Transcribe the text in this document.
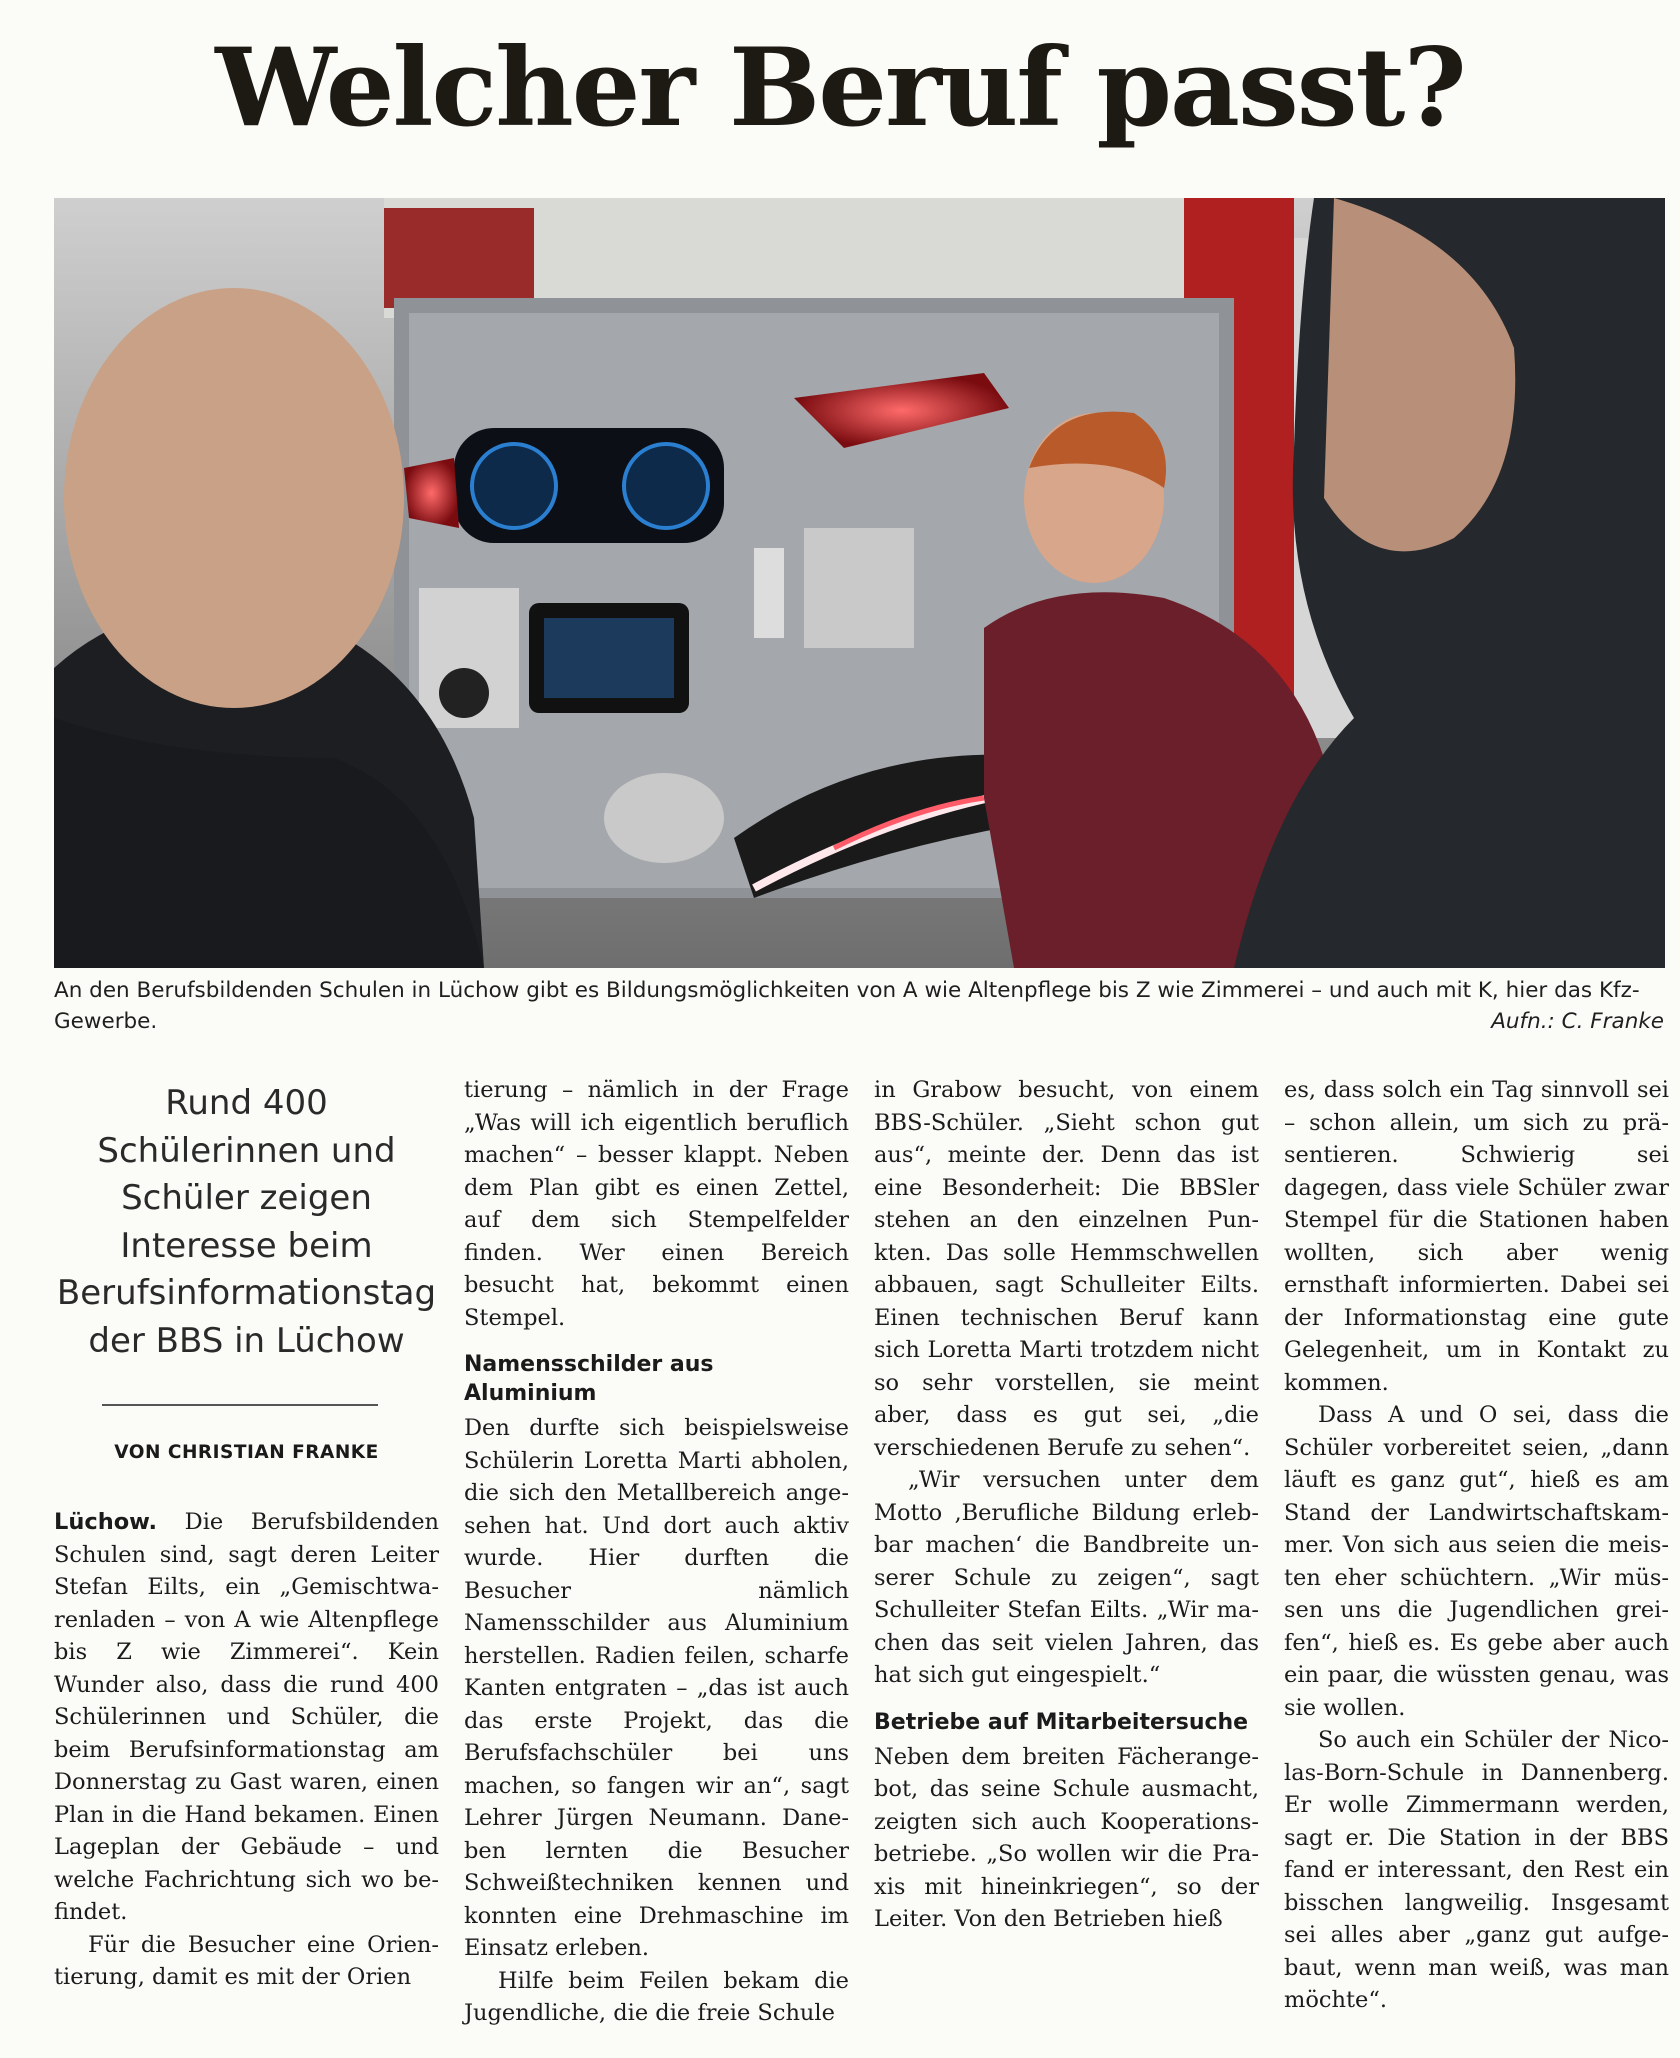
Welcher Beruf passt?
An den Berufsbildenden Schulen in Lüchow gibt es Bildungsmöglichkeiten von A wie Altenpflege bis Z wie Zimmerei – und auch mit K, hier das Kfz-Gewerbe.	Aufn.: C. Franke
Rund 400 Schülerinnen und Schüler zeigen Interesse beim Berufsinformationstag der BBS in Lüchow
VON CHRISTIAN FRANKE

Lüchow. Die Berufsbildenden Schulen sind, sagt deren Leiter Stefan Eilts, ein „Gemischtwarenladen – von A wie Altenpflege bis Z wie Zimmerei“. Kein Wunder also, dass die rund 400 Schülerinnen und Schüler, die beim Berufsinformationstag am Donnerstag zu Gast waren, einen Plan in die Hand bekamen. Einen Lageplan der Gebäude – und welche Fachrichtung sich wo befindet.

Für die Besucher eine Orientierung, damit es mit der Orien

tierung – nämlich in der Frage „Was will ich eigentlich beruflich machen“ – besser klappt. Neben dem Plan gibt es einen Zettel, auf dem sich Stempelfelder finden. Wer einen Bereich besucht hat, bekommt einen Stempel.

Namensschilder aus Aluminium

Den durfte sich beispielsweise Schülerin Loretta Marti abholen, die sich den Metallbereich angesehen hat. Und dort auch aktiv wurde. Hier durften die Besucher nämlich Namensschilder aus Aluminium herstellen. Radien feilen, scharfe Kanten entgraten – „das ist auch das erste Projekt, das die Berufsfachschüler bei uns machen, so fangen wir an“, sagt Lehrer Jürgen Neumann. Daneben lernten die Besucher Schweißtechniken kennen und konnten eine Drehmaschine im Einsatz erleben.

Hilfe beim Feilen bekam die Jugendliche, die die freie Schule

in Grabow besucht, von einem BBS-Schüler. „Sieht schon gut aus“, meinte der. Denn das ist eine Besonderheit: Die BBSler stehen an den einzelnen Punkten. Das solle Hemmschwellen abbauen, sagt Schulleiter Eilts. Einen technischen Beruf kann sich Loretta Marti trotzdem nicht so sehr vorstellen, sie meint aber, dass es gut sei, „die verschiedenen Berufe zu sehen“.

„Wir versuchen unter dem Motto ‚Berufliche Bildung erlebbar machen‘ die Bandbreite unserer Schule zu zeigen“, sagt Schulleiter Stefan Eilts. „Wir machen das seit vielen Jahren, das hat sich gut eingespielt.“

Betriebe auf Mitarbeitersuche

Neben dem breiten Fächerangebot, das seine Schule ausmacht, zeigten sich auch Kooperationsbetriebe. „So wollen wir die Praxis mit hineinkriegen“, so der Leiter. Von den Betrieben hieß

es, dass solch ein Tag sinnvoll sei – schon allein, um sich zu präsentieren. Schwierig sei dagegen, dass viele Schüler zwar Stempel für die Stationen haben wollten, sich aber wenig ernsthaft informierten. Dabei sei der Informationstag eine gute Gelegenheit, um in Kontakt zu kommen.

Dass A und O sei, dass die Schüler vorbereitet seien, „dann läuft es ganz gut“, hieß es am Stand der Landwirtschaftskammer. Von sich aus seien die meisten eher schüchtern. „Wir müssen uns die Jugendlichen greifen“, hieß es. Es gebe aber auch ein paar, die wüssten genau, was sie wollen.

So auch ein Schüler der Nicolas-Born-Schule in Dannenberg. Er wolle Zimmermann werden, sagt er. Die Station in der BBS fand er interessant, den Rest ein bisschen langweilig. Insgesamt sei alles aber „ganz gut aufgebaut, wenn man weiß, was man möchte“.
